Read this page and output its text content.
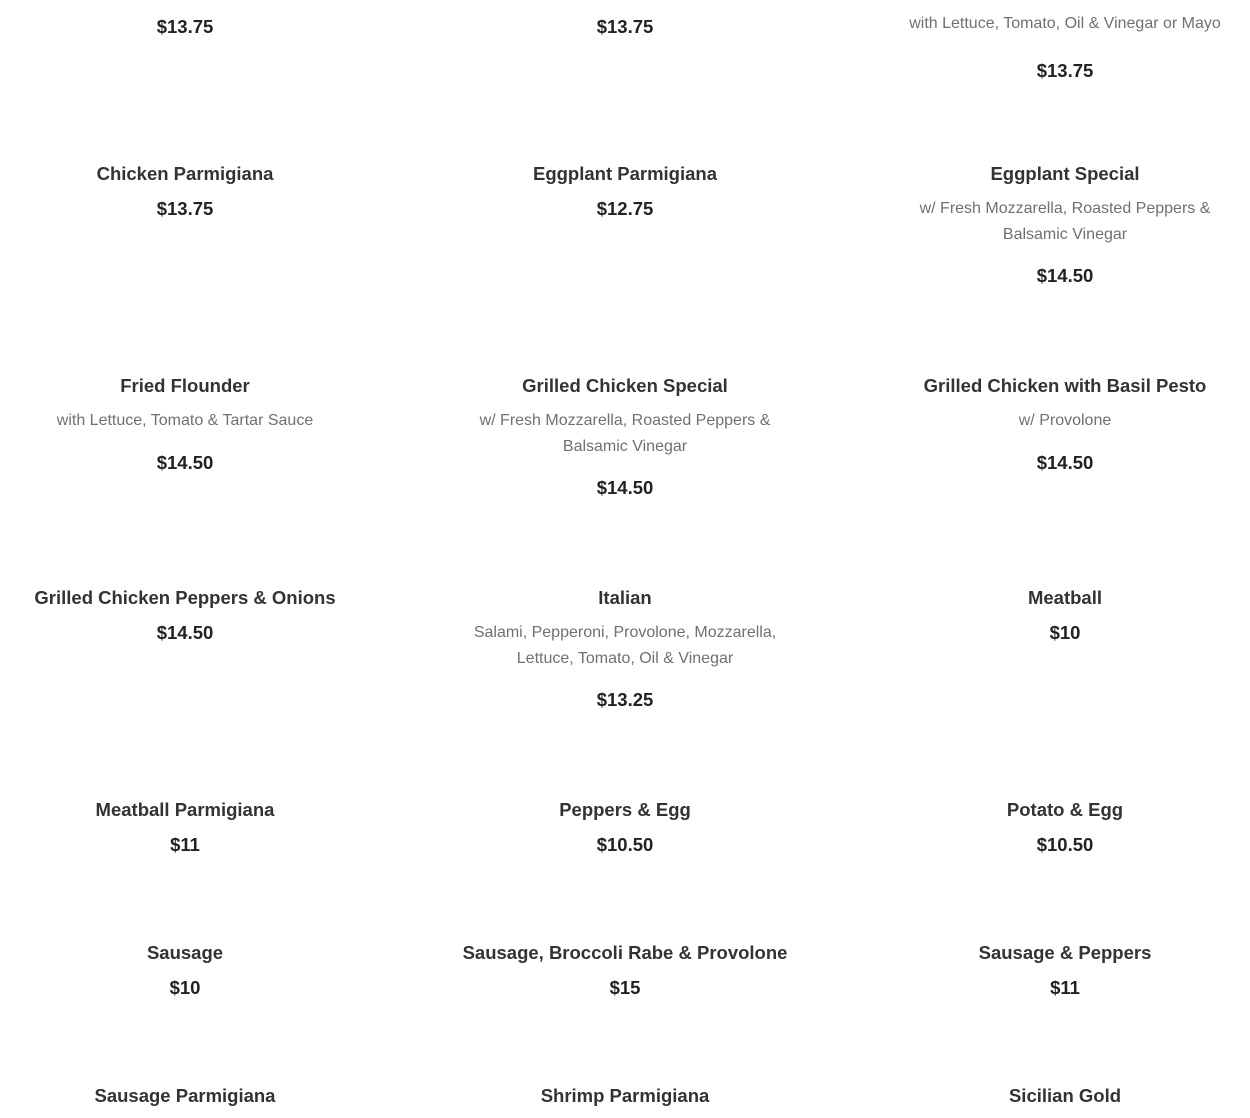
$13.75	$13.75	with Lettuce, Tomato, Oil & Vinegar or Mayo

$13.75

Chicken Parmigiana

$13.75

Eggplant Parmigiana

$12.75

Eggplant Special

w/ Fresh Mozzarella, Roasted Peppers & Balsamic Vinegar

$14.50

Fried Flounder

with Lettuce, Tomato & Tartar Sauce

$14.50

Grilled Chicken Special

w/ Fresh Mozzarella, Roasted Peppers & Balsamic Vinegar

$14.50

Grilled Chicken with Basil Pesto

w/ Provolone

$14.50

Grilled Chicken Peppers & Onions

$14.50

Italian

Salami, Pepperoni, Provolone, Mozzarella, Lettuce, Tomato, Oil & Vinegar

$13.25

Meatball

$10

Meatball Parmigiana

$11

Peppers & Egg

$10.50

Potato & Egg

$10.50

Sausage

$10

Sausage, Broccoli Rabe & Provolone

$15

Sausage & Peppers

$11

Sausage Parmigiana	Shrimp Parmigiana	Sicilian Gold
